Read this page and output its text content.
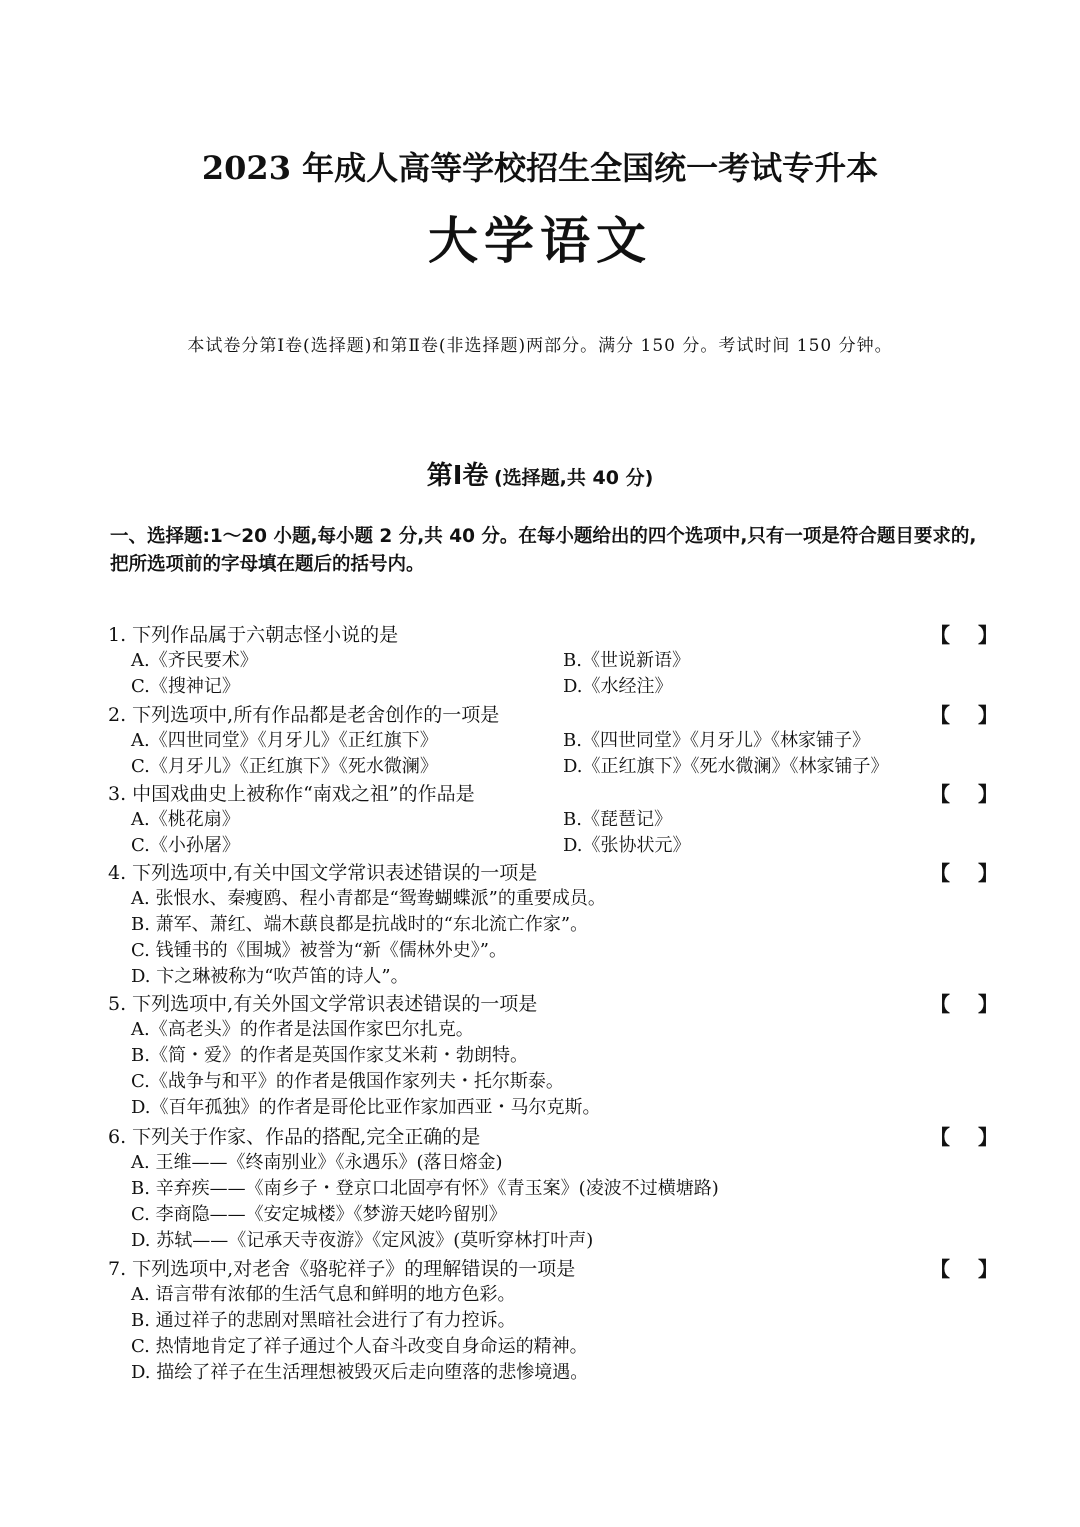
2023 年成人高等学校招生全国统一考试专升本
大学语文
本试卷分第Ⅰ卷(选择题)和第Ⅱ卷(非选择题)两部分。满分 150 分。考试时间 150 分钟。
第Ⅰ卷 (选择题,共 40 分)
一、选择题:1～20 小题,每小题 2 分,共 40 分。在每小题给出的四个选项中,只有一项是符合题目要求的,把所选项前的字母填在题后的括号内。
1. 下列作品属于六朝志怪小说的是	【 】
A.《齐民要术》	B.《世说新语》
C.《搜神记》	D.《水经注》
2. 下列选项中,所有作品都是老舍创作的一项是	【 】
A.《四世同堂》《月牙儿》《正红旗下》	B.《四世同堂》《月牙儿》《林家铺子》
C.《月牙儿》《正红旗下》《死水微澜》	D.《正红旗下》《死水微澜》《林家铺子》
3. 中国戏曲史上被称作“南戏之祖”的作品是	【 】
A.《桃花扇》	B.《琵琶记》
C.《小孙屠》	D.《张协状元》
4. 下列选项中,有关中国文学常识表述错误的一项是	【 】
A. 张恨水、秦瘦鸥、程小青都是“鸳鸯蝴蝶派”的重要成员。
B. 萧军、萧红、端木蕻良都是抗战时的“东北流亡作家”。
C. 钱锺书的《围城》被誉为“新《儒林外史》”。
D. 卞之琳被称为“吹芦笛的诗人”。
5. 下列选项中,有关外国文学常识表述错误的一项是	【 】
A.《高老头》的作者是法国作家巴尔扎克。
B.《简・爱》的作者是英国作家艾米莉・勃朗特。
C.《战争与和平》的作者是俄国作家列夫・托尔斯泰。
D.《百年孤独》的作者是哥伦比亚作家加西亚・马尔克斯。
6. 下列关于作家、作品的搭配,完全正确的是	【 】
A. 王维——《终南别业》《永遇乐》(落日熔金)
B. 辛弃疾——《南乡子・登京口北固亭有怀》《青玉案》(凌波不过横塘路)
C. 李商隐——《安定城楼》《梦游天姥吟留别》
D. 苏轼——《记承天寺夜游》《定风波》(莫听穿林打叶声)
7. 下列选项中,对老舍《骆驼祥子》的理解错误的一项是	【 】
A. 语言带有浓郁的生活气息和鲜明的地方色彩。
B. 通过祥子的悲剧对黑暗社会进行了有力控诉。
C. 热情地肯定了祥子通过个人奋斗改变自身命运的精神。
D. 描绘了祥子在生活理想被毁灭后走向堕落的悲惨境遇。
